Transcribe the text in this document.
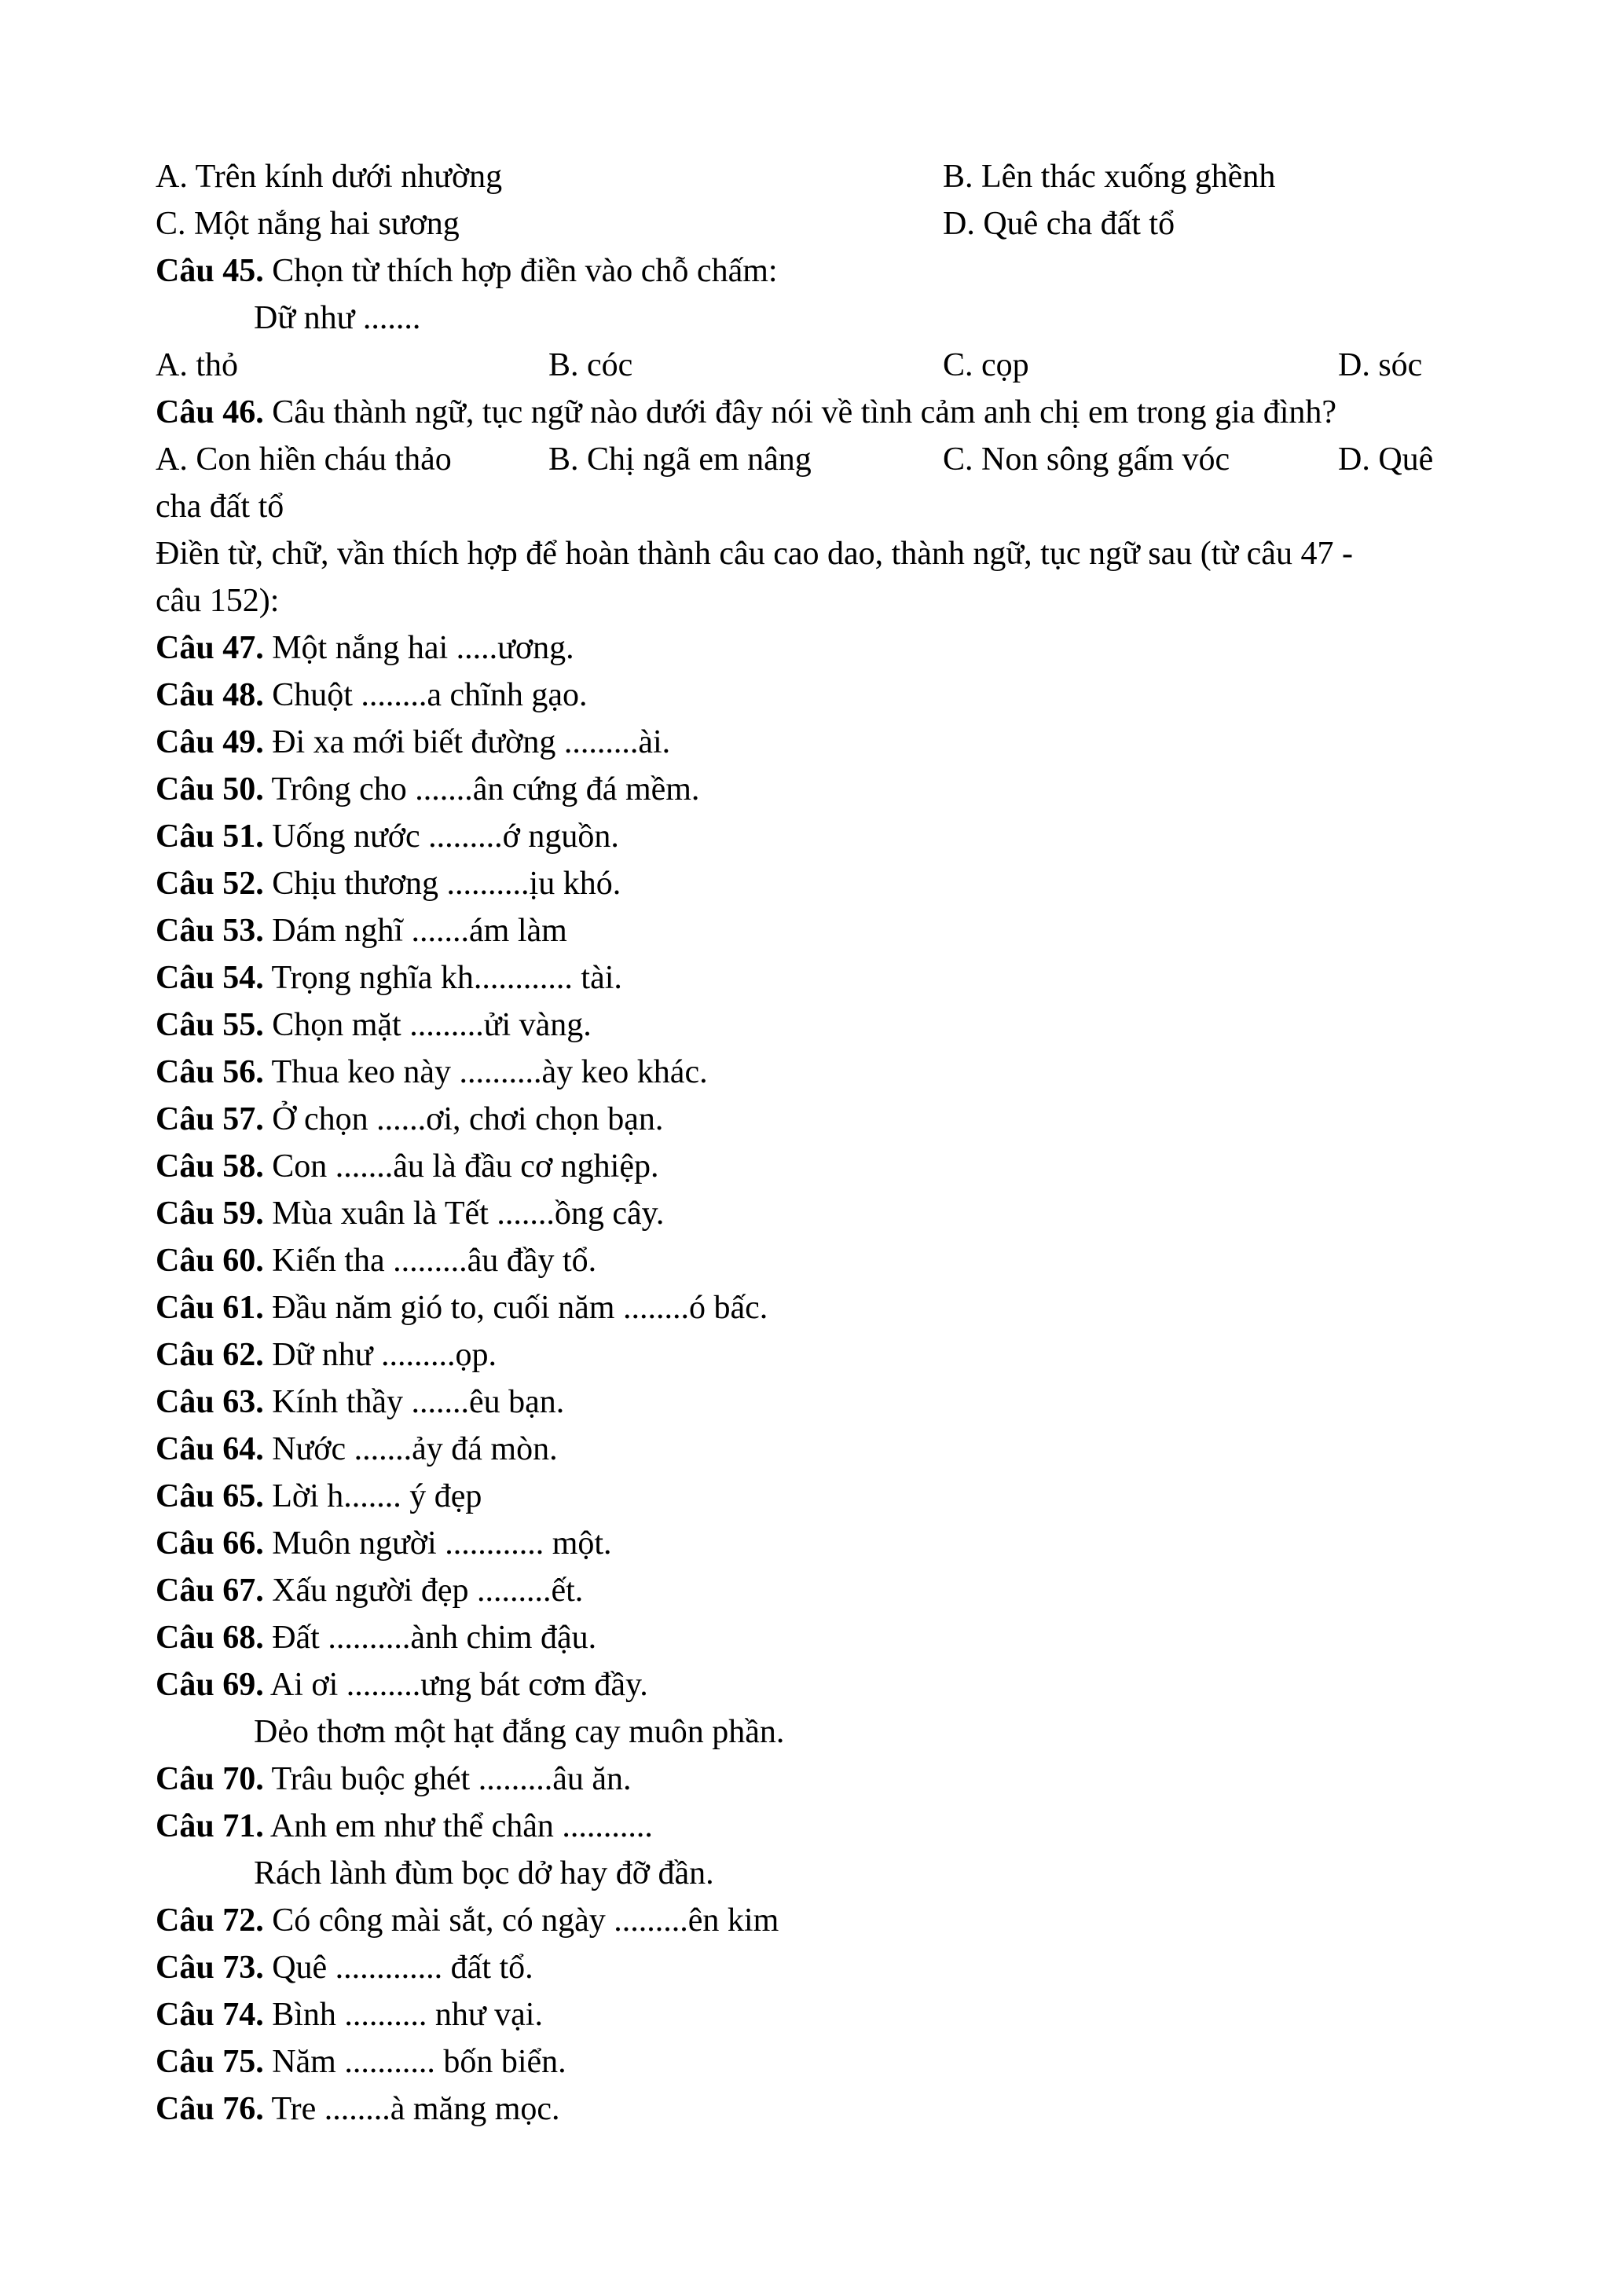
A. Trên kính dưới nhường	B. Lên thác xuống ghềnh
C. Một nắng hai sương	D. Quê cha đất tổ
Câu 45. Chọn từ thích hợp điền vào chỗ chấm:
Dữ như .......
A. thỏ	B. cóc	C. cọp	D. sóc
Câu 46. Câu thành ngữ, tục ngữ nào dưới đây nói về tình cảm anh chị em trong gia đình?
A. Con hiền cháu thảo	B. Chị ngã em nâng	C. Non sông gấm vóc	D. Quê
cha đất tổ
Điền từ, chữ, vần thích hợp để hoàn thành câu cao dao, thành ngữ, tục ngữ sau (từ câu 47 -
câu 152):
Câu 47. Một nắng hai .....ương.
Câu 48. Chuột ........a chĩnh gạo.
Câu 49. Đi xa mới biết đường .........ài.
Câu 50. Trông cho .......ân cứng đá mềm.
Câu 51. Uống nước .........ớ nguồn.
Câu 52. Chịu thương ..........ịu khó.
Câu 53. Dám nghĩ .......ám làm
Câu 54. Trọng nghĩa kh............ tài.
Câu 55. Chọn mặt .........ửi vàng.
Câu 56. Thua keo này ..........ày keo khác.
Câu 57. Ở chọn ......ơi, chơi chọn bạn.
Câu 58. Con .......âu là đầu cơ nghiệp.
Câu 59. Mùa xuân là Tết .......ồng cây.
Câu 60. Kiến tha .........âu đầy tổ.
Câu 61. Đầu năm gió to, cuối năm ........ó bấc.
Câu 62. Dữ như .........ọp.
Câu 63. Kính thầy .......êu bạn.
Câu 64. Nước .......ảy đá mòn.
Câu 65. Lời h....... ý đẹp
Câu 66. Muôn người ............ một.
Câu 67. Xấu người đẹp .........ết.
Câu 68. Đất ..........ành chim đậu.
Câu 69. Ai ơi .........ưng bát cơm đầy.
Dẻo thơm một hạt đắng cay muôn phần.
Câu 70. Trâu buộc ghét .........âu ăn.
Câu 71. Anh em như thể chân ...........
Rách lành đùm bọc dở hay đỡ đần.
Câu 72. Có công mài sắt, có ngày .........ên kim
Câu 73. Quê ............. đất tổ.
Câu 74. Bình .......... như vại.
Câu 75. Năm ........... bốn biển.
Câu 76. Tre ........à măng mọc.
